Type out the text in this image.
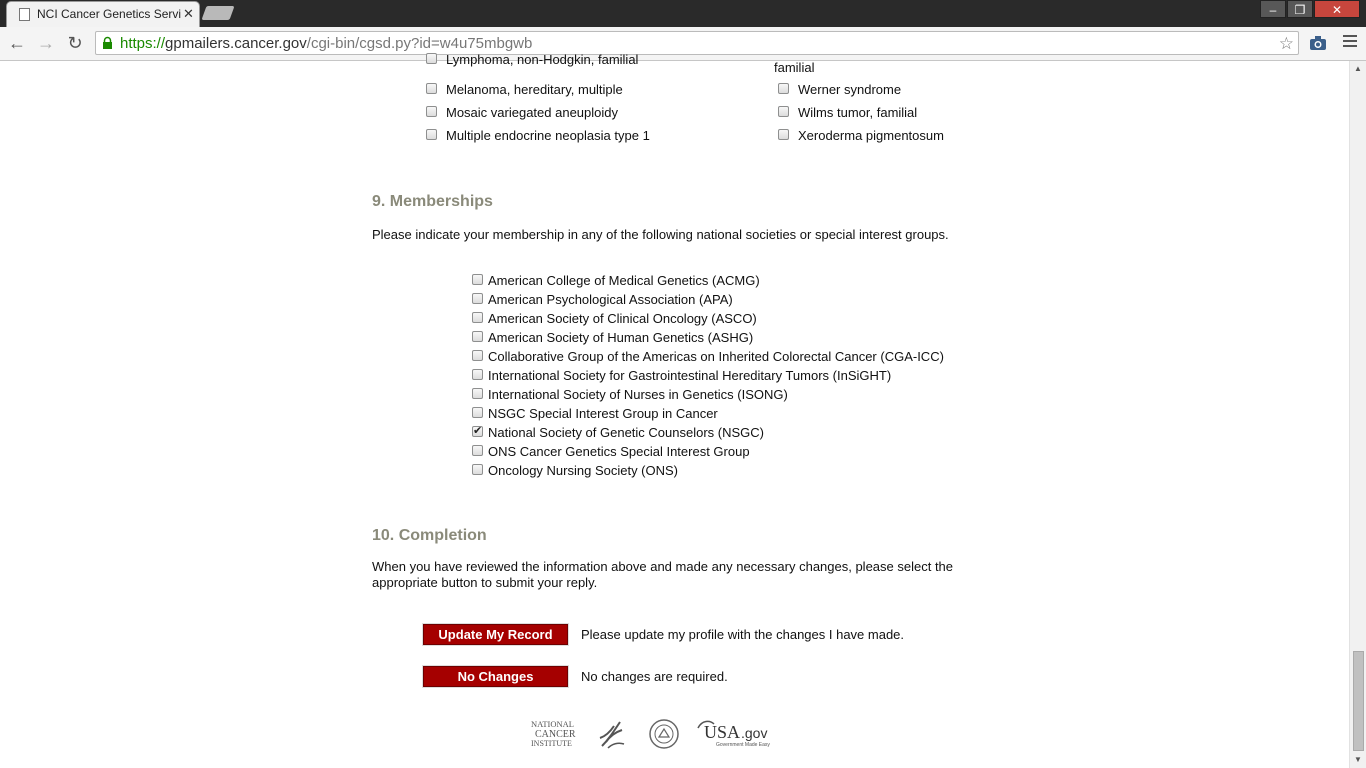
NCI Cancer Genetics Servi ✕	‒	❐	✕
← → ↻ https://gpmailers.cancer.gov/cgi-bin/cgsd.py?id=w4u75mbgwb	☆
▲
▼
Lymphoma, non-Hodgkin, familial
familial
Melanoma, hereditary, multiple
Mosaic variegated aneuploidy
Multiple endocrine neoplasia type 1
Werner syndrome
Wilms tumor, familial
Xeroderma pigmentosum
9. Memberships
Please indicate your membership in any of the following national societies or special interest groups.
American College of Medical Genetics (ACMG)
American Psychological Association (APA)
American Society of Clinical Oncology (ASCO)
American Society of Human Genetics (ASHG)
Collaborative Group of the Americas on Inherited Colorectal Cancer (CGA-ICC)
International Society for Gastrointestinal Hereditary Tumors (InSiGHT)
International Society of Nurses in Genetics (ISONG)
NSGC Special Interest Group in Cancer
✔
National Society of Genetic Counselors (NSGC)
ONS Cancer Genetics Special Interest Group
Oncology Nursing Society (ONS)
10. Completion
When you have reviewed the information above and made any necessary changes, please select the appropriate button to submit your reply.
Update My Record	Please update my profile with the changes I have made.
No Changes	No changes are required.
NATIONAL
CANCER
INSTITUTE
USA .gov
Government Made Easy
